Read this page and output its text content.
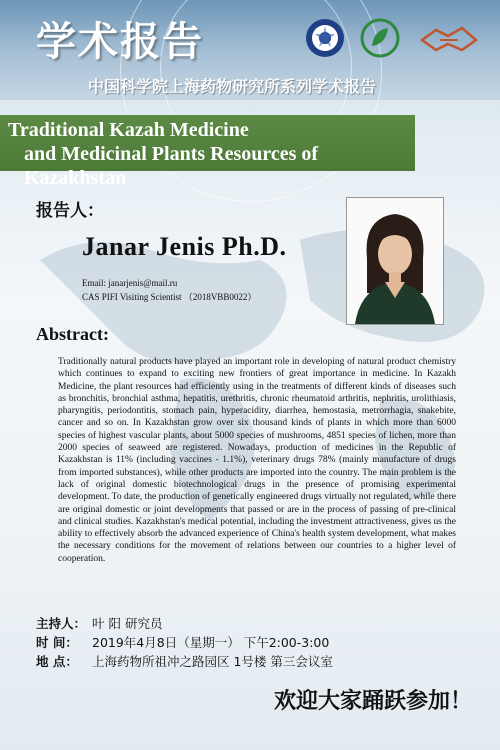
学术报告
中国科学院上海药物研究所系列学术报告
Traditional Kazah Medicine
and Medicinal Plants Resources of Kazakhstan
报告人：
Janar Jenis Ph.D.
Email: janarjenis@mail.ru
CAS PIFI Visiting Scientist （2018VBB0022）
Abstract:
Traditionally natural products have played an important role in developing of natural product chemistry which continues to expand to exciting new frontiers of great importance in medicine. In Kazakh Medicine, the plant resources had efficiently using in the treatments of different kinds of diseases such as bronchitis, bronchial asthma, hepatitis, urethritis, chronic rheumatoid arthritis, nephritis, urolithiasis, pharyngitis, periodontitis, stomach pain, hyperacidity, diarrhea, hemostasia, metrorrhagia, snakebite, cancer and so on. In Kazakhstan grow over six thousand kinds of plants in which more than 6000 species of highest vascular plants, about 5000 species of mushrooms, 4851 species of lichen, more than 2000 species of seaweed are registered. Nowadays, production of medicines in the Republic of Kazakhstan is 11% (including vaccines - 1.1%), veterinary drugs 78% (mainly manufacture of drugs from imported substances), while other products are imported into the country. The main problem is the lack of original domestic biotechnological drugs in the presence of promising experimental development. To date, the production of genetically engineered drugs virtually not regulated, while there are original domestic or joint developments that passed or are in the process of passing of pre-clinical and clinical studies. Kazakhstan's medical potential, including the investment attractiveness, gives us the ability to effectively absorb the advanced experience of China's health system development, what makes the necessary conditions for the movement of relations between our countries to a higher level of cooperation.
主持人： 叶 阳 研究员
时 间： 2019年4月8日（星期一） 下午2:00-3:00
地 点： 上海药物所祖冲之路园区 1号楼 第三会议室
欢迎大家踊跃参加！
